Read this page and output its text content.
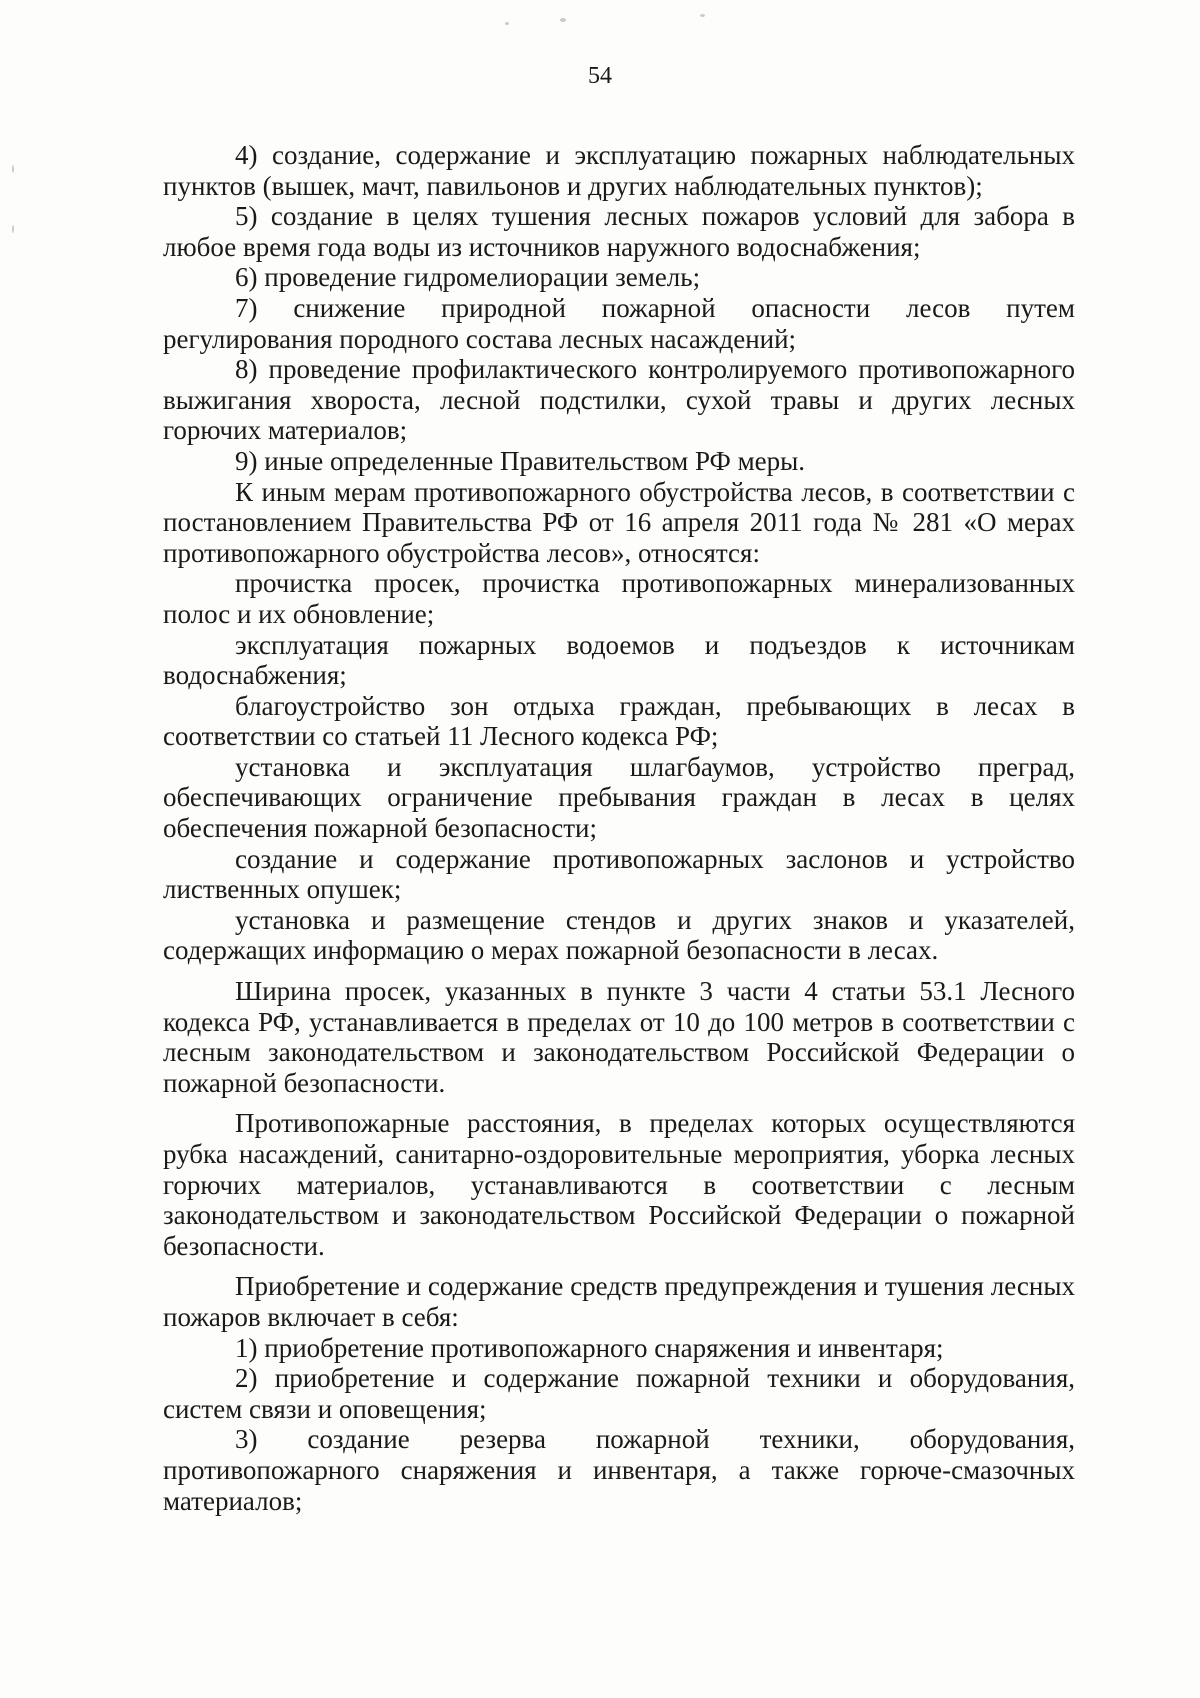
54

4) создание, содержание и эксплуатацию пожарных наблюдательных пунктов (вышек, мачт, павильонов и других наблюдательных пунктов);

5) создание в целях тушения лесных пожаров условий для забора в любое время года воды из источников наружного водоснабжения;

6) проведение гидромелиорации земель;

7) снижение природной пожарной опасности лесов путем регулирования породного состава лесных насаждений;

8) проведение профилактического контролируемого противопожарного выжигания хвороста, лесной подстилки, сухой травы и других лесных горючих материалов;

9) иные определенные Правительством РФ меры.

К иным мерам противопожарного обустройства лесов, в соответствии с постановлением Правительства РФ от 16 апреля 2011 года № 281 «О мерах противопожарного обустройства лесов», относятся:

прочистка просек, прочистка противопожарных минерализованных полос и их обновление;

эксплуатация пожарных водоемов и подъездов к источникам водоснабжения;

благоустройство зон отдыха граждан, пребывающих в лесах в соответствии со статьей 11 Лесного кодекса РФ;

установка и эксплуатация шлагбаумов, устройство преград, обеспечивающих ограничение пребывания граждан в лесах в целях обеспечения пожарной безопасности;

создание и содержание противопожарных заслонов и устройство лиственных опушек;

установка и размещение стендов и других знаков и указателей, содержащих информацию о мерах пожарной безопасности в лесах.

Ширина просек, указанных в пункте 3 части 4 статьи 53.1 Лесного кодекса РФ, устанавливается в пределах от 10 до 100 метров в соответствии с лесным законодательством и законодательством Российской Федерации о пожарной безопасности.

Противопожарные расстояния, в пределах которых осуществляются рубка насаждений, санитарно-оздоровительные мероприятия, уборка лесных горючих материалов, устанавливаются в соответствии с лесным законодательством и законодательством Российской Федерации о пожарной безопасности.

Приобретение и содержание средств предупреждения и тушения лесных пожаров включает в себя:

1) приобретение противопожарного снаряжения и инвентаря;

2) приобретение и содержание пожарной техники и оборудования, систем связи и оповещения;

3) создание резерва пожарной техники, оборудования, противопожарного снаряжения и инвентаря, а также горюче-смазочных материалов;
